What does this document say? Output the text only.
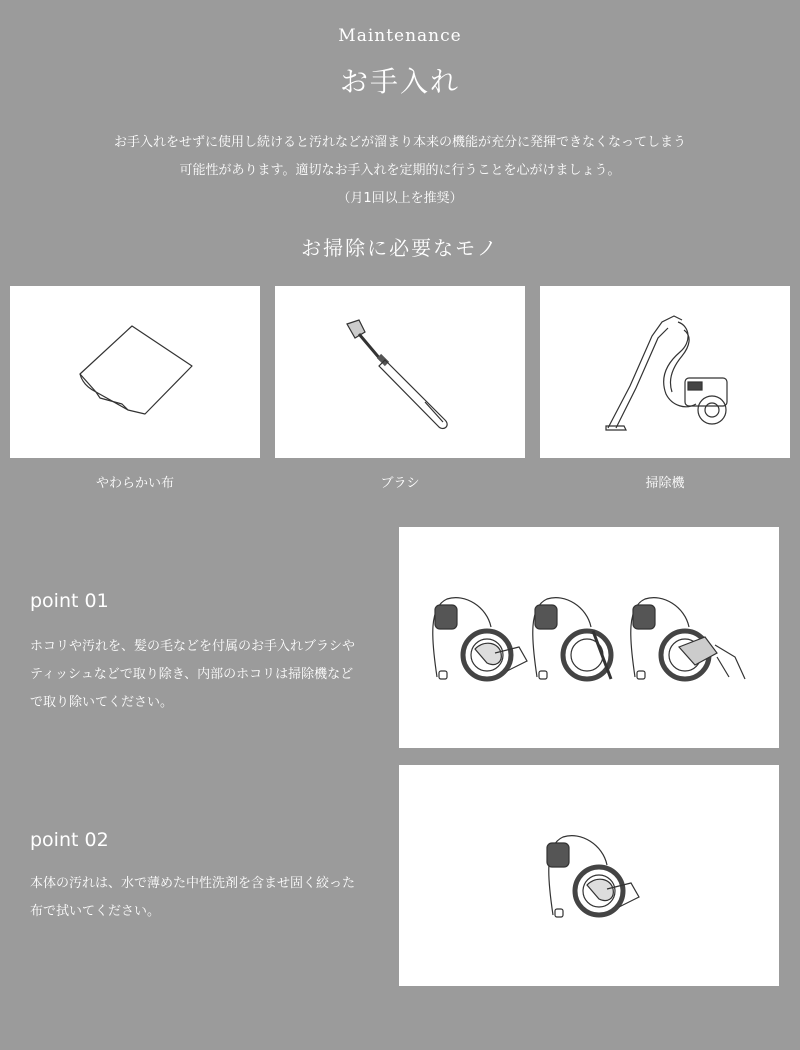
Maintenance
お手入れ
お手入れをせずに使用し続けると汚れなどが溜まり本来の機能が充分に発揮できなくなってしまう
可能性があります。適切なお手入れを定期的に行うことを心がけましょう。
（月1回以上を推奨）
お掃除に必要なモノ
やわらかい布	ブラシ	掃除機
point 01
ホコリや汚れを、髪の毛などを付属のお手入れブラシや
ティッシュなどで取り除き、内部のホコリは掃除機など
で取り除いてください。
point 02
本体の汚れは、水で薄めた中性洗剤を含ませ固く絞った
布で拭いてください。
